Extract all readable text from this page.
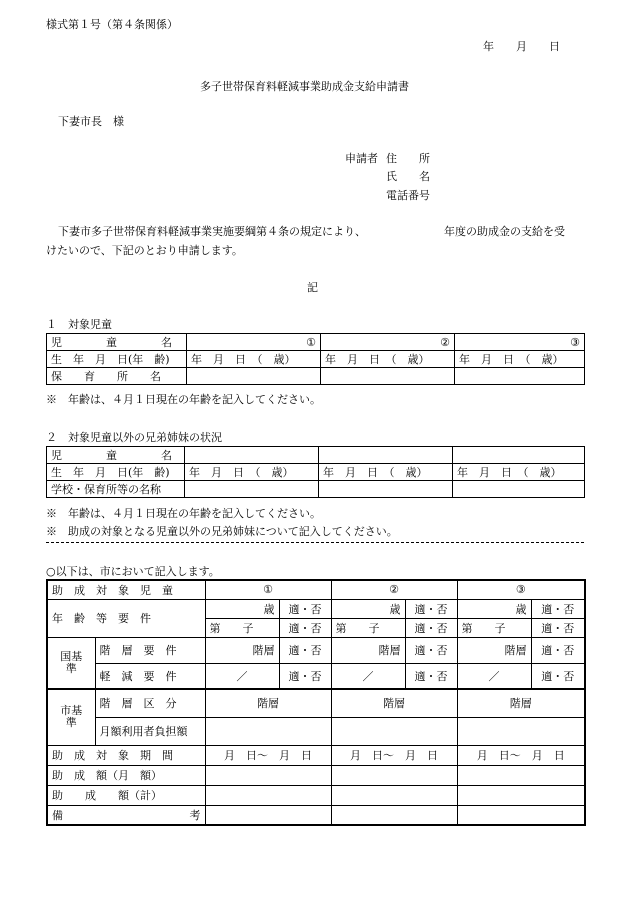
様式第１号（第４条関係）
年　　月　　日
多子世帯保育料軽減事業助成金支給申請書
下妻市長　様
申請者 住　　所
氏　　名
電話番号
下妻市多子世帯保育料軽減事業実施要綱第４条の規定により、	年度の助成金の支給を受
けたいので、下記のとおり申請します。
記
１　対象児童
児　　　　童　　　　名	①	②	③
生　年　月　日(年　齢)	年　月　日　（　歳）	年　月　日　（　歳）	年　月　日　（　歳）
保　　育　　所　　名			
※　年齢は、４月１日現在の年齢を記入してください。
２　対象児童以外の兄弟姉妹の状況
児　　　　童　　　　名			
生　年　月　日(年　齢)	年　月　日　（　歳）	年　月　日　（　歳）	年　月　日　（　歳）
学校・保育所等の名称			
※　年齢は、４月１日現在の年齢を記入してください。
※　助成の対象となる児童以外の兄弟姉妹について記入してください。
○以下は、市において記入します。
助　成　対　象　児　童		①		②		③	
年　齢　等　要　件		歳	適・否	歳	適・否	歳	適・否
		第　　子	適・否	第　　子	適・否	第　　子	適・否
国基準	階　層　要　件	階層	適・否	階層	適・否	階層	適・否
	軽　減　要　件	／	適・否	／	適・否	／	適・否
市基準	階　層　区　分	階層		階層		階層	
	月額利用者負担額						
助　成　対　象　期　間		月　日〜　月　日		月　日〜　月　日		月　日〜　月　日	
助　成　額（月　額）							
助　　成　　額（計）							

備 考							
